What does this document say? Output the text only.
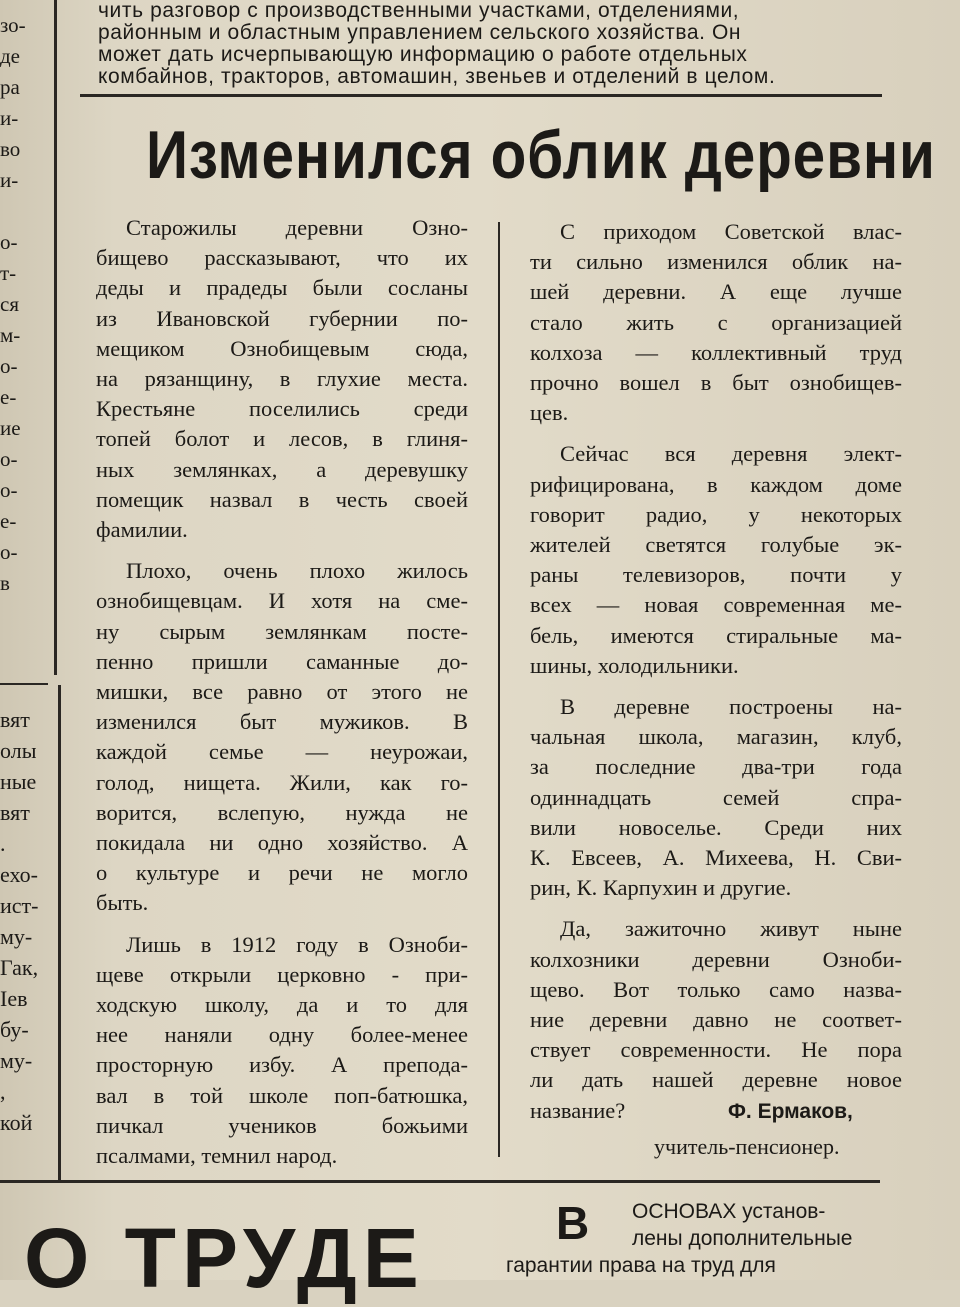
чить разговор с производственными участками, отделениями,
районным и областным управлением сельского хозяйства. Он
может дать исчерпывающую информацию о работе отдельных
комбайнов, тракторов, автомашин, звеньев и отделений в целом.
зо-
де
ра
и-
во
и-
о-
т-
ся
м-
о-
е-
ие
о-
о-
е-
о-
в
вят
олы
ные
вят
.
ехо-
ист-
му-
Гак,
Іев
бу-
му-
,
кой
Изменился облик деревни

Старожилы деревни Озно-
бищево рассказывают, что их
деды и прадеды были сосланы
из Ивановской губернии по-
мещиком Ознобищевым сюда,
на рязанщину, в глухие места.
Крестьяне поселились среди
топей болот и лесов, в глиня-
ных землянках, а деревушку
помещик назвал в честь своей
фамилии.

Плохо, очень плохо жилось
ознобищевцам. И хотя на сме-
ну сырым землянкам посте-
пенно пришли саманные до-
мишки, все равно от этого не
изменился быт мужиков. В
каждой семье — неурожаи,
голод, нищета. Жили, как го-
ворится, вслепую, нужда не
покидала ни одно хозяйство. А
о культуре и речи не могло
быть.

Лишь в 1912 году в Ознοби-
щеве открыли церковно - при-
ходскую школу, да и то для
нее наняли одну более-менее
просторную избу. А препода-
вал в той школе поп-батюшка,
пичкал учеников божьими
псалмами, темнил народ.

С приходом Советской влас-
ти сильно изменился облик на-
шей деревни. А еще лучше
стало жить с организацией
колхоза — коллективный труд
прочно вошел в быт ознобищев-
цев.

Сейчас вся деревня элект-
рифицирована, в каждом доме
говорит радио, у некоторых
жителей светятся голубые эк-
раны телевизоров, почти у
всех — новая современная ме-
бель, имеются стиральные ма-
шины, холодильники.

В деревне построены на-
чальная школа, магазин, клуб,
за последние два-три года
одиннадцать семей спра-
вили новоселье. Среди них
К. Евсеев, А. Михеева, Н. Сви-
рин, К. Карпухин и другие.

Да, зажиточно живут ныне
колхозники деревни Ознοби-
щево. Вот только само назва-
ние деревни давно не соответ-
ствует современности. Не пора
ли дать нашей деревне новое
название?	Ф. Ермаков,
учитель-пенсионер.
О ТРУДЕ	В	ОСНОВАХ установ-
лены дополнительные
гарантии права на труд для
